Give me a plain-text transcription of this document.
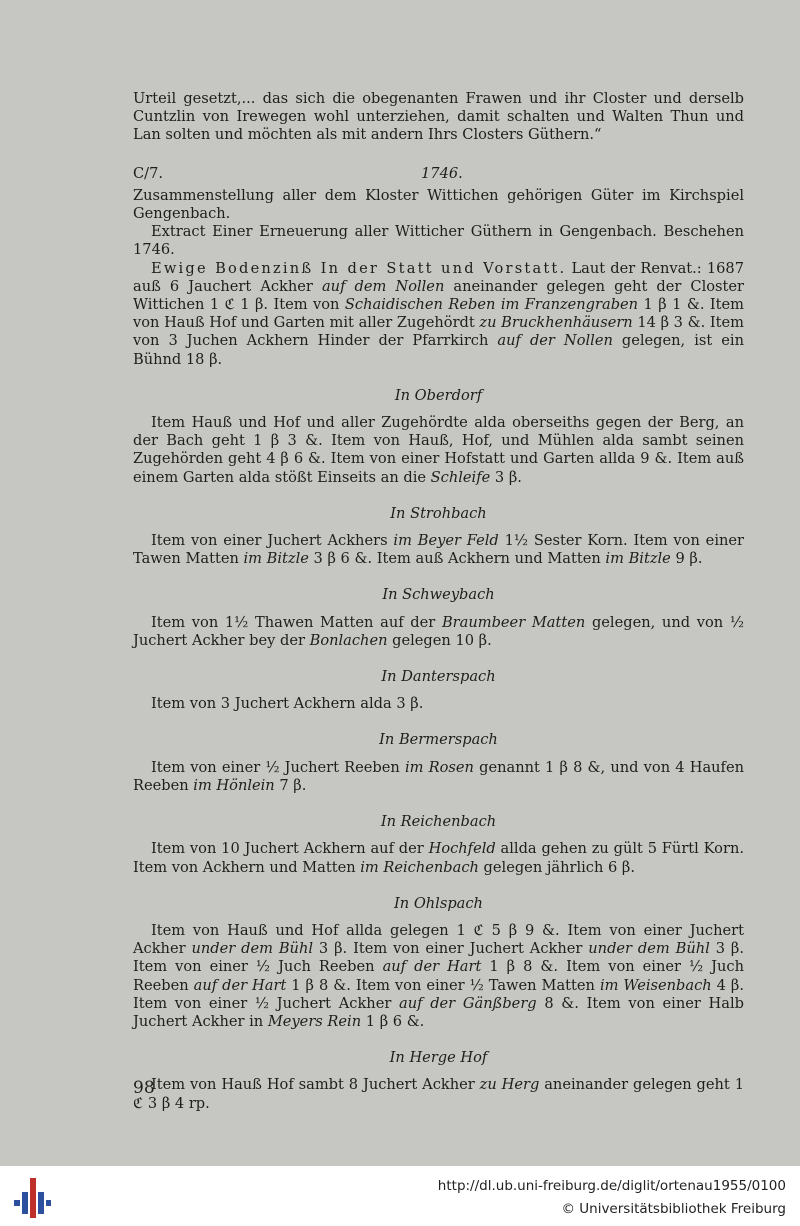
Urteil gesetzt,... das sich die obegenanten Frawen und ihr Closter und derselb Cuntzlin von Irewegen wohl unterziehen, damit schalten und Walten Thun und Lan solten und möchten als mit andern Ihrs Closters Güthern.“

C/7.	1746.

Zusammenstellung aller dem Kloster Wittichen gehörigen Güter im Kirchspiel Gengenbach.

Extract Einer Erneuerung aller Witticher Güthern in Gengenbach. Beschehen 1746.

Ewige Bodenzinß In der Statt und Vorstatt. Laut der Renvat.: 1687 auß 6 Jauchert Ackher auf dem Nollen aneinander gelegen geht der Closter Wittichen 1 ℭ 1 β. Item von Schaidischen Reben im Franzengraben 1 β 1 &. Item von Hauß Hof und Garten mit aller Zugehördt zu Bruckhenhäusern 14 β 3 &. Item von 3 Juchen Ackhern Hinder der Pfarrkirch auf der Nollen gelegen, ist ein Bühnd 18 β.

In Oberdorf

Item Hauß und Hof und aller Zugehördte alda oberseiths gegen der Berg, an der Bach geht 1 β 3 &. Item von Hauß, Hof, und Mühlen alda sambt seinen Zugehörden geht 4 β 6 &. Item von einer Hofstatt und Garten allda 9 &. Item auß einem Garten alda stößt Einseits an die Schleife 3 β.

In Strohbach

Item von einer Juchert Ackhers im Beyer Feld 1½ Sester Korn. Item von einer Tawen Matten im Bitzle 3 β 6 &. Item auß Ackhern und Matten im Bitzle 9 β.

In Schweybach

Item von 1½ Thawen Matten auf der Braumbeer Matten gelegen, und von ½ Juchert Ackher bey der Bonlachen gelegen 10 β.

In Danterspach

Item von 3 Juchert Ackhern alda 3 β.

In Bermerspach

Item von einer ½ Juchert Reeben im Rosen genannt 1 β 8 &, und von 4 Haufen Reeben im Hönlein 7 β.

In Reichenbach

Item von 10 Juchert Ackhern auf der Hochfeld allda gehen zu gült 5 Fürtl Korn. Item von Ackhern und Matten im Reichenbach gelegen jährlich 6 β.

In Ohlspach

Item von Hauß und Hof allda gelegen 1 ℭ 5 β 9 &. Item von einer Juchert Ackher under dem Bühl 3 β. Item von einer Juchert Ackher under dem Bühl 3 β. Item von einer ½ Juch Reeben auf der Hart 1 β 8 &. Item von einer ½ Juch Reeben auf der Hart 1 β 8 &. Item von einer ½ Tawen Matten im Weisenbach 4 β. Item von einer ½ Juchert Ackher auf der Gänßberg 8 &. Item von einer Halb Juchert Ackher in Meyers Rein 1 β 6 &.

In Herge Hof

Item von Hauß Hof sambt 8 Juchert Ackher zu Herg aneinander gelegen geht 1 ℭ 3 β 4 rp.

98
http://dl.ub.uni-freiburg.de/diglit/ortenau1955/0100
© Universitätsbibliothek Freiburg
